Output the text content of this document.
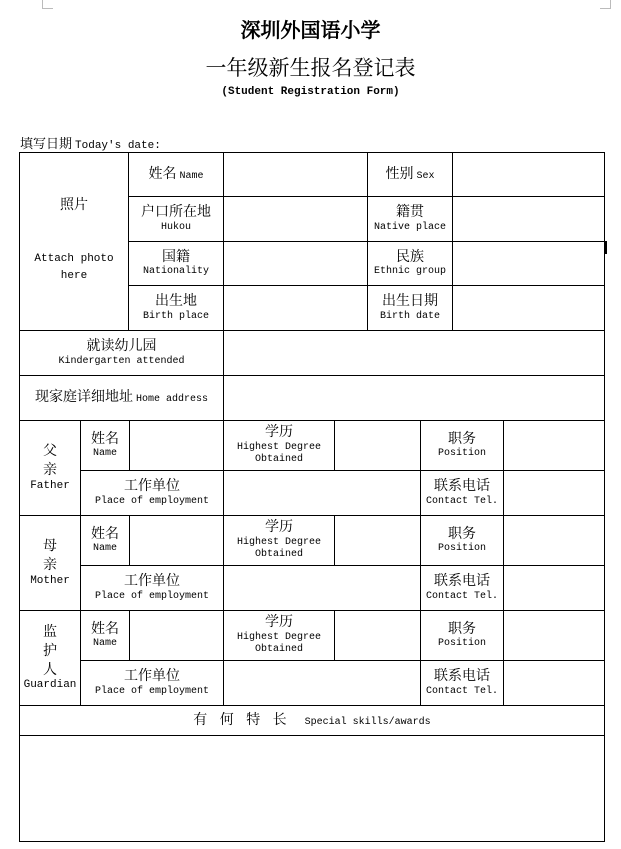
深圳外国语小学
一年级新生报名登记表
(Student Registration Form)
填写日期 Today's date:
照片
Attach photo here
姓名 Name	性别 Sex
户口所在地
Hukou
籍贯
Native place
国籍
Nationality
民族
Ethnic group
出生地
Birth place
出生日期
Birth date
就读幼儿园
Kindergarten attended
现家庭详细地址 Home address
父
亲
Father
姓名
Name
学历
Highest Degree Obtained
职务
Position
工作单位
Place of employment
联系电话
Contact Tel.
母
亲
Mother
姓名
Name
学历
Highest Degree Obtained
职务
Position
工作单位
Place of employment
联系电话
Contact Tel.
监
护
人
Guardian
姓名
Name
学历
Highest Degree Obtained
职务
Position
工作单位
Place of employment
联系电话
Contact Tel.
有 何 特 长 Special skills/awards
